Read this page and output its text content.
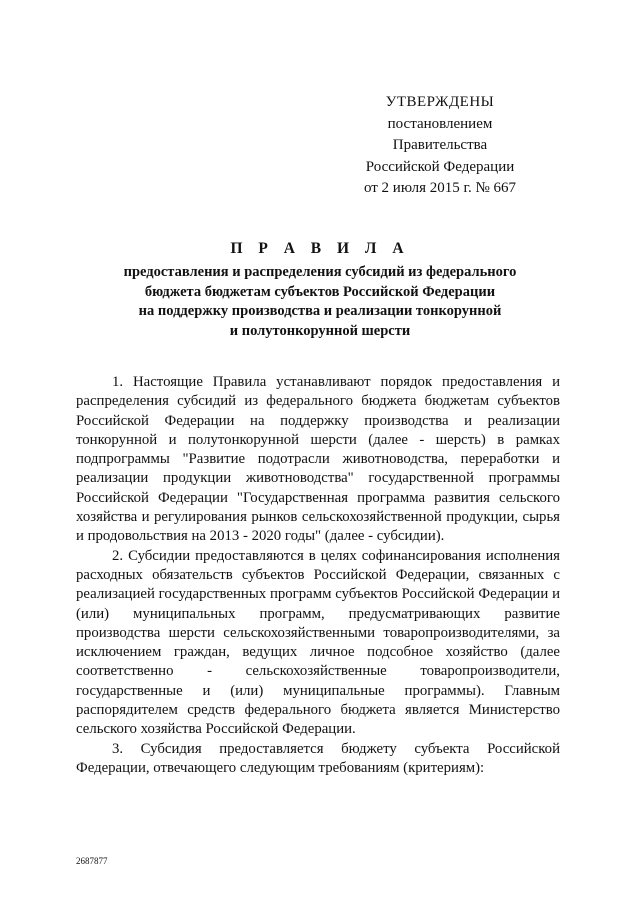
УТВЕРЖДЕНЫ
постановлением Правительства
Российской Федерации
от 2 июля 2015 г. № 667
П Р А В И Л А
предоставления и распределения субсидий из федерального
бюджета бюджетам субъектов Российской Федерации
на поддержку производства и реализации тонкорунной
и полутонкорунной шерсти

1. Настоящие Правила устанавливают порядок предоставления и распределения субсидий из федерального бюджета бюджетам субъектов Российской Федерации на поддержку производства и реализации тонкорунной и полутонкорунной шерсти (далее - шерсть) в рамках подпрограммы "Развитие подотрасли животноводства, переработки и реализации продукции животноводства" государственной программы Российской Федерации "Государственная программа развития сельского хозяйства и регулирования рынков сельскохозяйственной продукции, сырья и продовольствия на 2013 - 2020 годы" (далее - субсидии).

2. Субсидии предоставляются в целях софинансирования исполнения расходных обязательств субъектов Российской Федерации, связанных с реализацией государственных программ субъектов Российской Федерации и (или) муниципальных программ, предусматривающих развитие производства шерсти сельскохозяйственными товаропроизводителями, за исключением граждан, ведущих личное подсобное хозяйство (далее соответственно - сельскохозяйственные товаропроизводители, государственные и (или) муниципальные программы). Главным распорядителем средств федерального бюджета является Министерство сельского хозяйства Российской Федерации.

3. Субсидия предоставляется бюджету субъекта Российской Федерации, отвечающего следующим требованиям (критериям):

2687877
